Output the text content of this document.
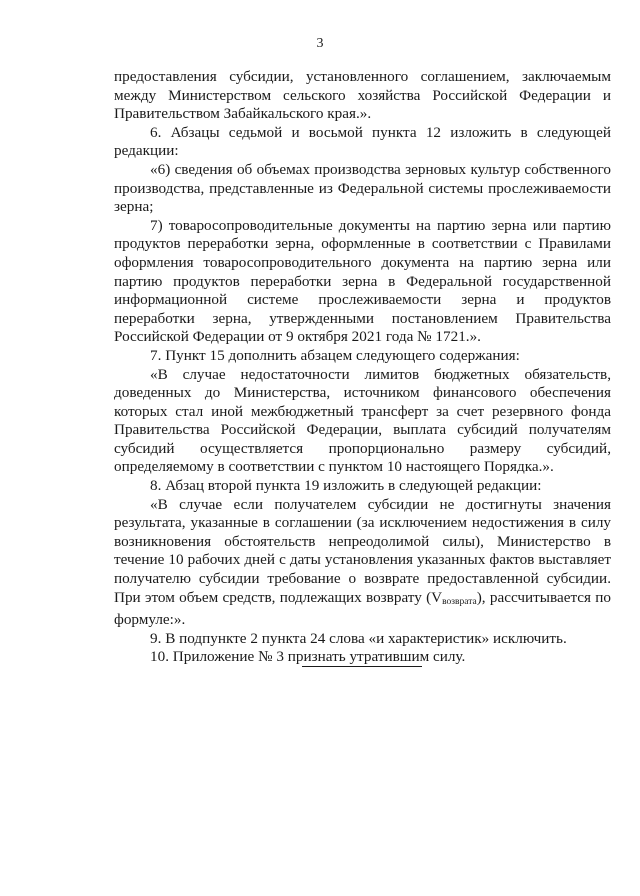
3

предоставления субсидии, установленного соглашением, заключаемым между Министерством сельского хозяйства Российской Федерации и Правительством Забайкальского края.».

6. Абзацы седьмой и восьмой пункта 12 изложить в следующей редакции:

«6) сведения об объемах производства зерновых культур собственного производства, представленные из Федеральной системы прослеживаемости зерна;

7) товаросопроводительные документы на партию зерна или партию продуктов переработки зерна, оформленные в соответствии с Правилами оформления товаросопроводительного документа на партию зерна или партию продуктов переработки зерна в Федеральной государственной информационной системе прослеживаемости зерна и продуктов переработки зерна, утвержденными постановлением Правительства Российской Федерации от 9 октября 2021 года № 1721.».

7. Пункт 15 дополнить абзацем следующего содержания:

«В случае недостаточности лимитов бюджетных обязательств, доведенных до Министерства, источником финансового обеспечения которых стал иной межбюджетный трансферт за счет резервного фонда Правительства Российской Федерации, выплата субсидий получателям субсидий осуществляется пропорционально размеру субсидий, определяемому в соответствии с пунктом 10 настоящего Порядка.».

8. Абзац второй пункта 19 изложить в следующей редакции:

«В случае если получателем субсидии не достигнуты значения результата, указанные в соглашении (за исключением недостижения в силу возникновения обстоятельств непреодолимой силы), Министерство в течение 10 рабочих дней с даты установления указанных фактов выставляет получателю субсидии требование о возврате предоставленной субсидии. При этом объем средств, подлежащих возврату $(V_{возврата})$, рассчитывается по формуле:».

9. В подпункте 2 пункта 24 слова «и характеристик» исключить.

10. Приложение № 3 признать утратившим силу.
